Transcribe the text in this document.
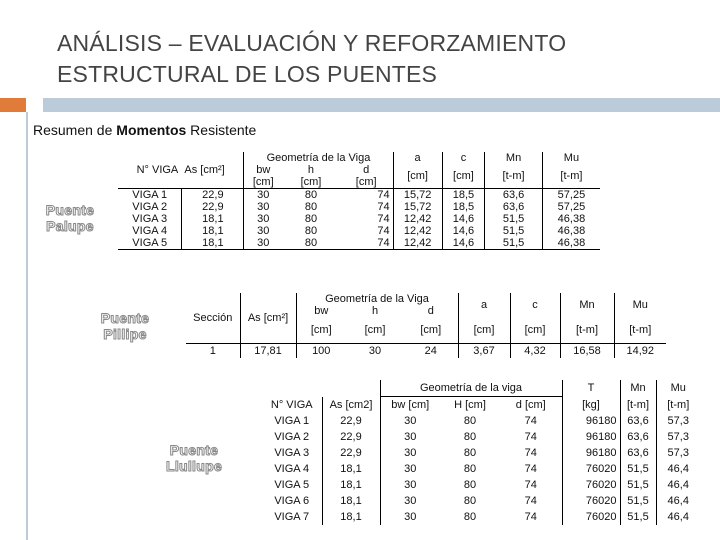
ANÁLISIS – EVALUACIÓN Y REFORZAMIENTO
ESTRUCTURAL DE LOS PUENTES
Resumen de Momentos Resistente
Puente
Palupe
Puente
Pillipe
Puente
Llullupe
N° VIGA As [cm²]		Geometría de la Viga			a	c	Mn	Mu
		bw	h	d	[cm]	[cm]	[t-m]	[t-m]
		[cm]	[cm]	[cm]				
VIGA 1	22,9	30	80	74	15,72	18,5	63,6	57,25
VIGA 2	22,9	30	80	74	15,72	18,5	63,6	57,25
VIGA 3	18,1	30	80	74	12,42	14,6	51,5	46,38
VIGA 4	18,1	30	80	74	12,42	14,6	51,5	46,38
VIGA 5	18,1	30	80	74	12,42	14,6	51,5	46,38
Sección	As [cm²]	Geometría de la Viga			a	c	Mn	Mu
		bw	h	d				
		[cm]	[cm]	[cm]	[cm]	[cm]	[t-m]	[t-m]
1	17,81	100	30	24	3,67	4,32	16,58	14,92
		Geometría de la viga			T	Mn	Mu
N° VIGA	As [cm2]	bw [cm]	H [cm]	d [cm]	[kg]	[t-m]	[t-m]
VIGA 1	22,9	30	80	74	96180	63,6	57,3
VIGA 2	22,9	30	80	74	96180	63,6	57,3
VIGA 3	22,9	30	80	74	96180	63,6	57,3
VIGA 4	18,1	30	80	74	76020	51,5	46,4
VIGA 5	18,1	30	80	74	76020	51,5	46,4
VIGA 6	18,1	30	80	74	76020	51,5	46,4
VIGA 7	18,1	30	80	74	76020	51,5	46,4
